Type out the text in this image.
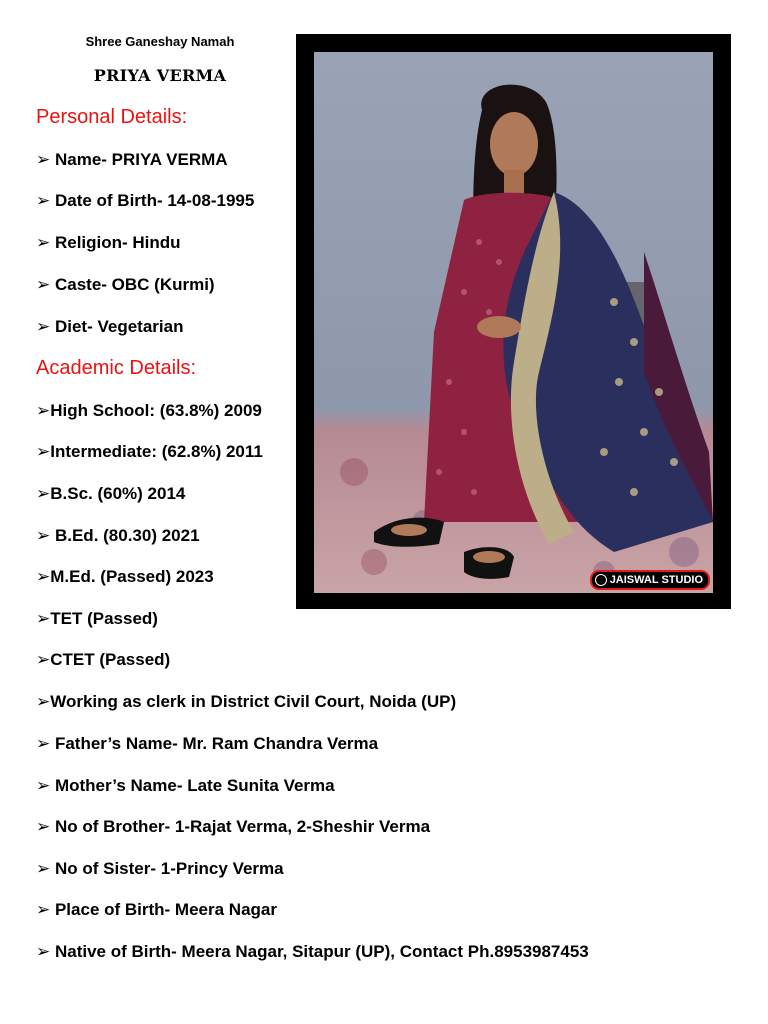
Shree Ganeshay Namah
PRIYA VERMA
Personal Details:

➢ Name- PRIYA VERMA

➢ Date of Birth- 14-08-1995

➢ Religion- Hindu

➢ Caste- OBC (Kurmi)

➢ Diet- Vegetarian

Academic Details:

➢High School: (63.8%) 2009

➢Intermediate: (62.8%) 2011

➢B.Sc. (60%) 2014

➢ B.Ed. (80.30) 2021

➢M.Ed. (Passed) 2023

➢TET (Passed)

➢CTET (Passed)

➢Working as clerk in District Civil Court, Noida (UP)

➢ Father’s Name- Mr. Ram Chandra Verma

➢ Mother’s Name- Late Sunita Verma

➢ No of Brother- 1-Rajat Verma, 2-Sheshir Verma

➢ No of Sister- 1-Princy Verma

➢ Place of Birth- Meera Nagar

➢ Native of Birth- Meera Nagar, Sitapur (UP), Contact Ph.8953987453

JAISWAL STUDIO
